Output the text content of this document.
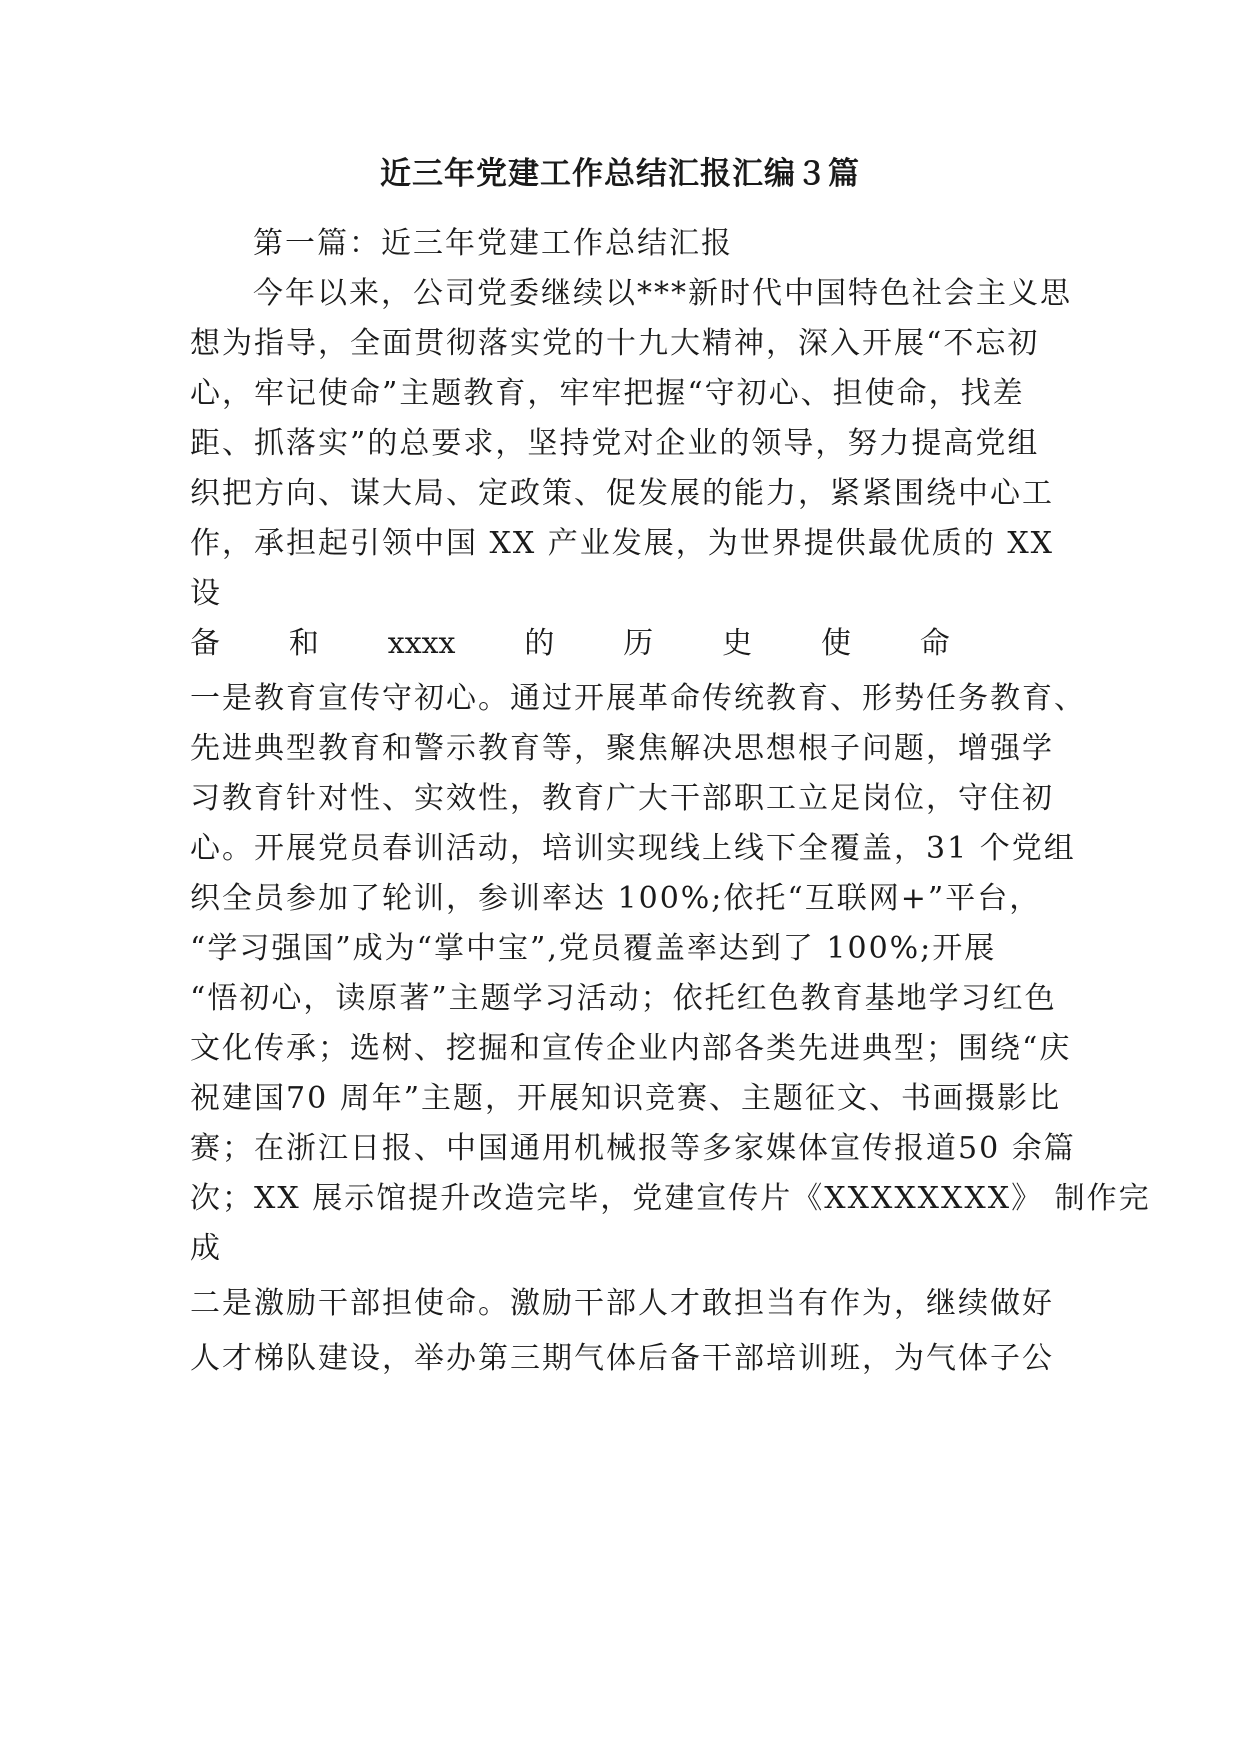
近三年党建工作总结汇报汇编３篇
第一篇：近三年党建工作总结汇报
今年以来，公司党委继续以***新时代中国特色社会主义思
想为指导，全面贯彻落实党的十九大精神，深入开展“不忘初
心，牢记使命”主题教育，牢牢把握“守初心、担使命，找差
距、抓落实”的总要求，坚持党对企业的领导，努力提高党组
织把方向、谋大局、定政策、促发展的能力，紧紧围绕中心工
作，承担起引领中国 XX 产业发展，为世界提供最优质的 XX
设
备 和 xxxx 的 历 史 使 命
一是教育宣传守初心。通过开展革命传统教育、形势任务教育、
先进典型教育和警示教育等，聚焦解决思想根子问题，增强学
习教育针对性、实效性，教育广大干部职工立足岗位，守住初
心。开展党员春训活动，培训实现线上线下全覆盖，31 个党组
织全员参加了轮训，参训率达 100%;依托“互联网+”平台，
“学习强国”成为“掌中宝”,党员覆盖率达到了 100%;开展
“悟初心，读原著”主题学习活动；依托红色教育基地学习红色
文化传承；选树、挖掘和宣传企业内部各类先进典型；围绕“庆
祝建国70 周年”主题，开展知识竞赛、主题征文、书画摄影比
赛；在浙江日报、中国通用机械报等多家媒体宣传报道50 余篇
次；XX 展示馆提升改造完毕，党建宣传片《XXXXXXXX》 制作完
成
二是激励干部担使命。激励干部人才敢担当有作为，继续做好
人才梯队建设，举办第三期气体后备干部培训班，为气体子公
